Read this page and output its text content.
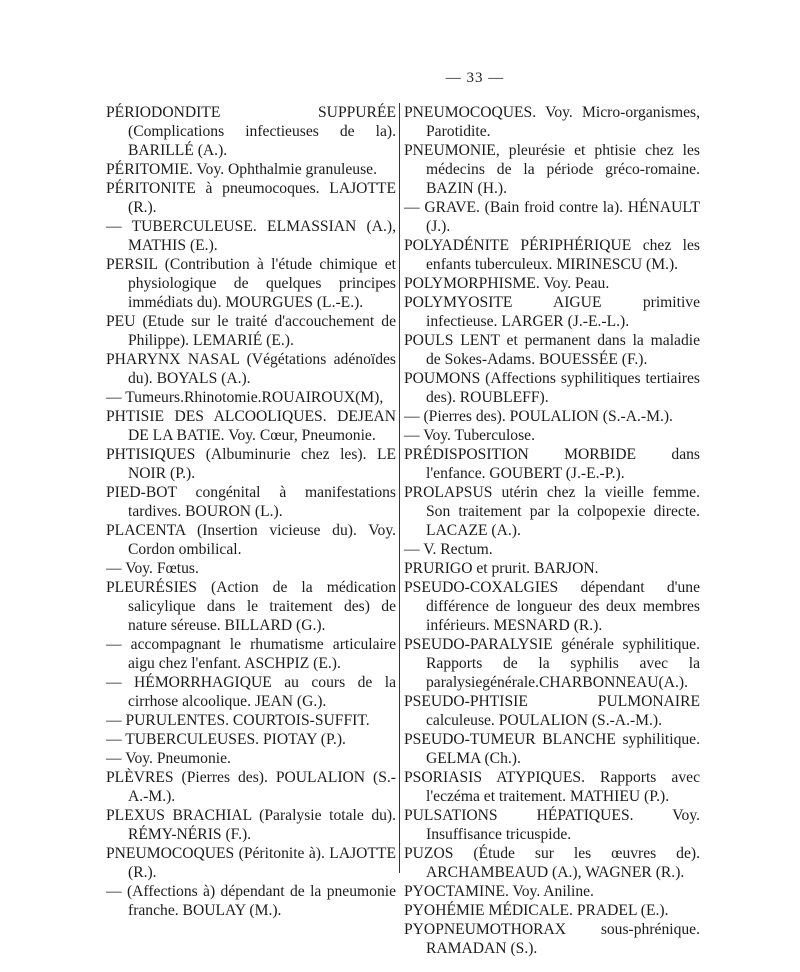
— 33 —

PÉRIODONDITE SUPPURÉE (Complications infectieuses de la). BARILLÉ (A.).

PÉRITOMIE. Voy. Ophthalmie granuleuse.

PÉRITONITE à pneumocoques. LAJOTTE (R.).

— TUBERCULEUSE. ELMASSIAN (A.), MATHIS (E.).

PERSIL (Contribution à l'étude chimique et physiologique de quelques principes immédiats du). MOURGUES (L.-E.).

PEU (Etude sur le traité d'accouchement de Philippe). LEMARIÉ (E.).

PHARYNX NASAL (Végétations adénoïdes du). BOYALS (A.).

— Tumeurs.Rhinotomie.ROUAIROUX(M),

PHTISIE DES ALCOOLIQUES. DEJEAN DE LA BATIE. Voy. Cœur, Pneumonie.

PHTISIQUES (Albuminurie chez les). LE NOIR (P.).

PIED-BOT congénital à manifestations tardives. BOURON (L.).

PLACENTA (Insertion vicieuse du). Voy. Cordon ombilical.

— Voy. Fœtus.

PLEURÉSIES (Action de la médication salicylique dans le traitement des) de nature séreuse. BILLARD (G.).

— accompagnant le rhumatisme articulaire aigu chez l'enfant. ASCHPIZ (E.).

— HÉMORRHAGIQUE au cours de la cirrhose alcoolique. JEAN (G.).

— PURULENTES. COURTOIS-SUFFIT.

— TUBERCULEUSES. PIOTAY (P.).

— Voy. Pneumonie.

PLÈVRES (Pierres des). POULALION (S.-A.-M.).

PLEXUS BRACHIAL (Paralysie totale du). RÉMY-NÉRIS (F.).

PNEUMOCOQUES (Péritonite à). LAJOTTE (R.).

— (Affections à) dépendant de la pneumonie franche. BOULAY (M.).

PNEUMOCOQUES. Voy. Micro-organismes, Parotidite.

PNEUMONIE, pleurésie et phtisie chez les médecins de la période gréco-romaine. BAZIN (H.).

— GRAVE. (Bain froid contre la). HÉNAULT (J.).

POLYADÉNITE PÉRIPHÉRIQUE chez les enfants tuberculeux. MIRINESCU (M.).

POLYMORPHISME. Voy. Peau.

POLYMYOSITE AIGUE primitive infectieuse. LARGER (J.-E.-L.).

POULS LENT et permanent dans la maladie de Sokes-Adams. BOUESSÉE (F.).

POUMONS (Affections syphilitiques tertiaires des). ROUBLEFF).

— (Pierres des). POULALION (S.-A.-M.).

— Voy. Tuberculose.

PRÉDISPOSITION MORBIDE dans l'enfance. GOUBERT (J.-E.-P.).

PROLAPSUS utérin chez la vieille femme. Son traitement par la colpopexie directe. LACAZE (A.).

— V. Rectum.

PRURIGO et prurit. BARJON.

PSEUDO-COXALGIES dépendant d'une différence de longueur des deux membres inférieurs. MESNARD (R.).

PSEUDO-PARALYSIE générale syphilitique. Rapports de la syphilis avec la paralysiegénérale.CHARBONNEAU(A.).

PSEUDO-PHTISIE PULMONAIRE calculeuse. POULALION (S.-A.-M.).

PSEUDO-TUMEUR BLANCHE syphilitique. GELMA (Ch.).

PSORIASIS ATYPIQUES. Rapports avec l'eczéma et traitement. MATHIEU (P.).

PULSATIONS HÉPATIQUES. Voy. Insuffisance tricuspide.

PUZOS (Étude sur les œuvres de). ARCHAMBEAUD (A.), WAGNER (R.).

PYOCTAMINE. Voy. Aniline.

PYOHÉMIE MÉDICALE. PRADEL (E.).

PYOPNEUMOTHORAX sous-phrénique. RAMADAN (S.).
